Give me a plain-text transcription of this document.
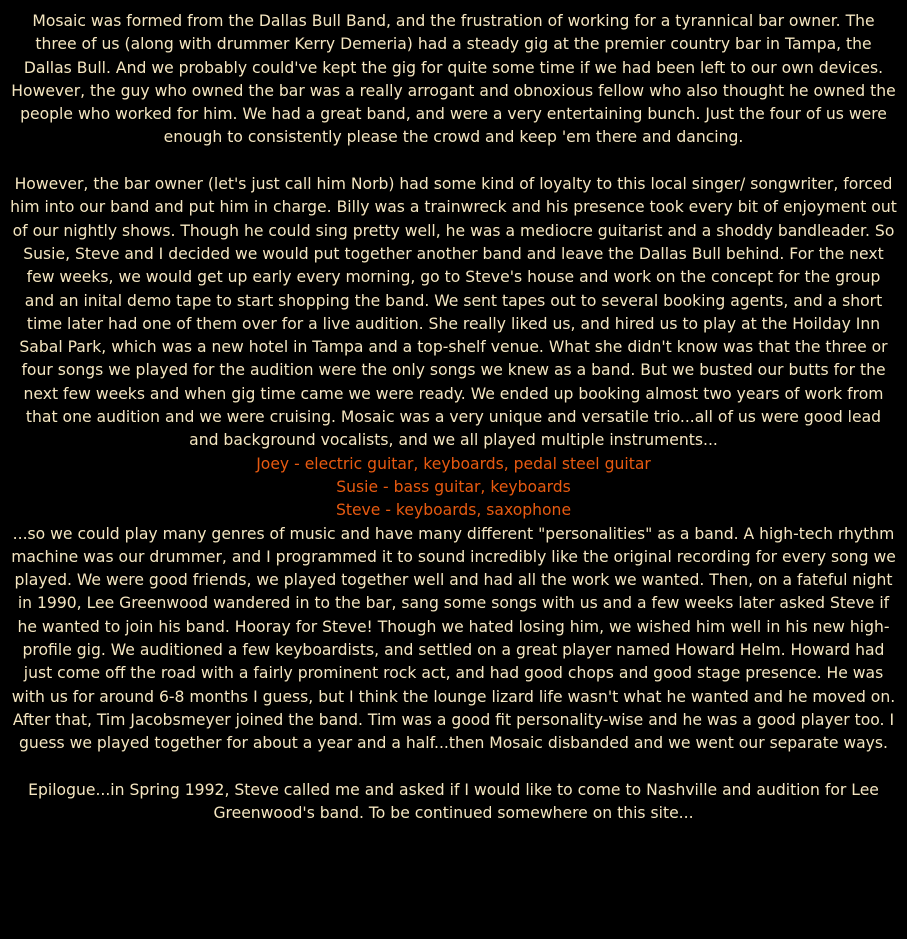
Mosaic was formed from the Dallas Bull Band, and the frustration of working for a tyrannical bar owner. The three of us (along with drummer Kerry Demeria) had a steady gig at the premier country bar in Tampa, the Dallas Bull. And we probably could've kept the gig for quite some time if we had been left to our own devices. However, the guy who owned the bar was a really arrogant and obnoxious fellow who also thought he owned the people who worked for him. We had a great band, and were a very entertaining bunch. Just the four of us were enough to consistently please the crowd and keep 'em there and dancing.

However, the bar owner (let's just call him Norb) had some kind of loyalty to this local singer/ songwriter, forced him into our band and put him in charge. Billy was a trainwreck and his presence took every bit of enjoyment out of our nightly shows. Though he could sing pretty well, he was a mediocre guitarist and a shoddy bandleader. So Susie, Steve and I decided we would put together another band and leave the Dallas Bull behind. For the next few weeks, we would get up early every morning, go to Steve's house and work on the concept for the group and an inital demo tape to start shopping the band. We sent tapes out to several booking agents, and a short time later had one of them over for a live audition. She really liked us, and hired us to play at the Hoilday Inn Sabal Park, which was a new hotel in Tampa and a top-shelf venue. What she didn't know was that the three or four songs we played for the audition were the only songs we knew as a band. But we busted our butts for the next few weeks and when gig time came we were ready. We ended up booking almost two years of work from that one audition and we were cruising. Mosaic was a very unique and versatile trio...all of us were good lead and background vocalists, and we all played multiple instruments...

Joey - electric guitar, keyboards, pedal steel guitar
Susie - bass guitar, keyboards
Steve - keyboards, saxophone

...so we could play many genres of music and have many different "personalities" as a band. A high-tech rhythm machine was our drummer, and I programmed it to sound incredibly like the original recording for every song we played. We were good friends, we played together well and had all the work we wanted. Then, on a fateful night in 1990, Lee Greenwood wandered in to the bar, sang some songs with us and a few weeks later asked Steve if he wanted to join his band. Hooray for Steve! Though we hated losing him, we wished him well in his new high-profile gig. We auditioned a few keyboardists, and settled on a great player named Howard Helm. Howard had just come off the road with a fairly prominent rock act, and had good chops and good stage presence. He was with us for around 6-8 months I guess, but I think the lounge lizard life wasn't what he wanted and he moved on. After that, Tim Jacobsmeyer joined the band. Tim was a good fit personality-wise and he was a good player too. I guess we played together for about a year and a half...then Mosaic disbanded and we went our separate ways.

Epilogue...in Spring 1992, Steve called me and asked if I would like to come to Nashville and audition for Lee Greenwood's band. To be continued somewhere on this site...
